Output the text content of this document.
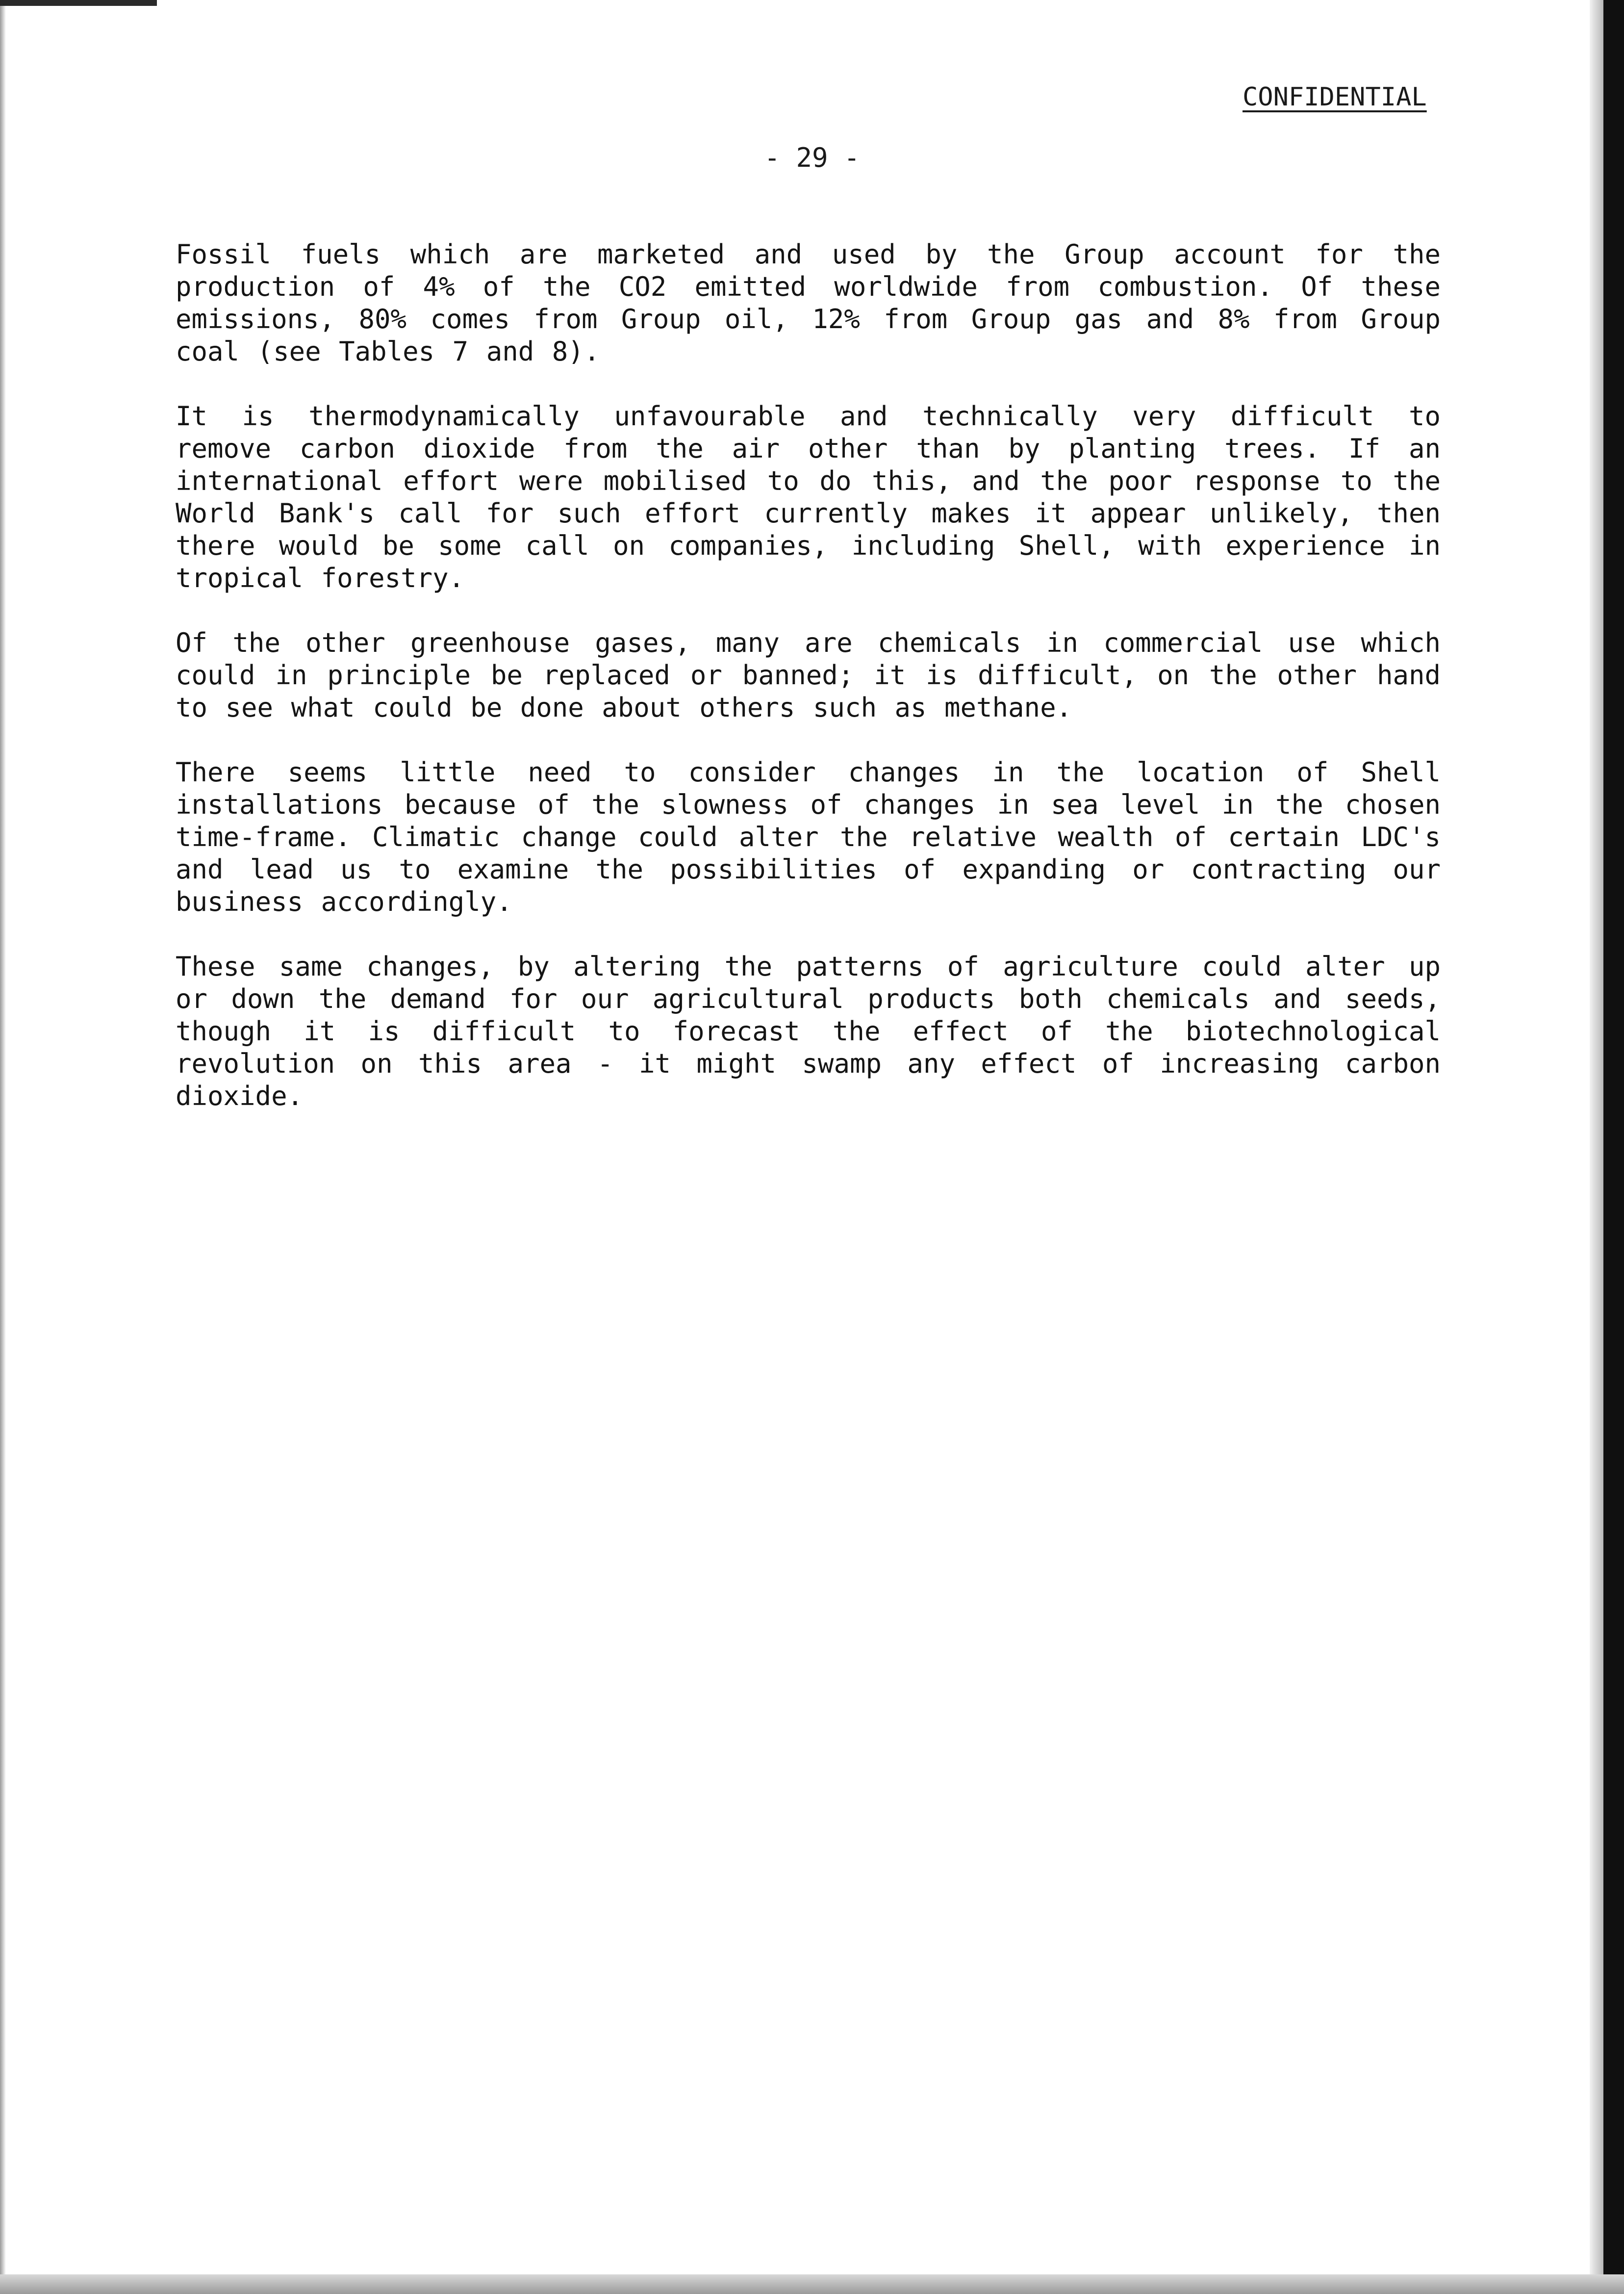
CONFIDENTIAL
- 29 -
Fossil fuels which are marketed and used by the Group account for the
production of 4% of the CO2 emitted worldwide from combustion. Of these
emissions, 80% comes from Group oil, 12% from Group gas and 8% from Group
coal (see Tables 7 and 8).
It is thermodynamically unfavourable and technically very difficult to
remove carbon dioxide from the air other than by planting trees. If an
international effort were mobilised to do this, and the poor response to the
World Bank's call for such effort currently makes it appear unlikely, then
there would be some call on companies, including Shell, with experience in
tropical forestry.
Of the other greenhouse gases, many are chemicals in commercial use which
could in principle be replaced or banned; it is difficult, on the other hand
to see what could be done about others such as methane.
There seems little need to consider changes in the location of Shell
installations because of the slowness of changes in sea level in the chosen
time-frame. Climatic change could alter the relative wealth of certain LDC's
and lead us to examine the possibilities of expanding or contracting our
business accordingly.
These same changes, by altering the patterns of agriculture could alter up
or down the demand for our agricultural products both chemicals and seeds,
though it is difficult to forecast the effect of the biotechnological
revolution on this area - it might swamp any effect of increasing carbon
dioxide.
